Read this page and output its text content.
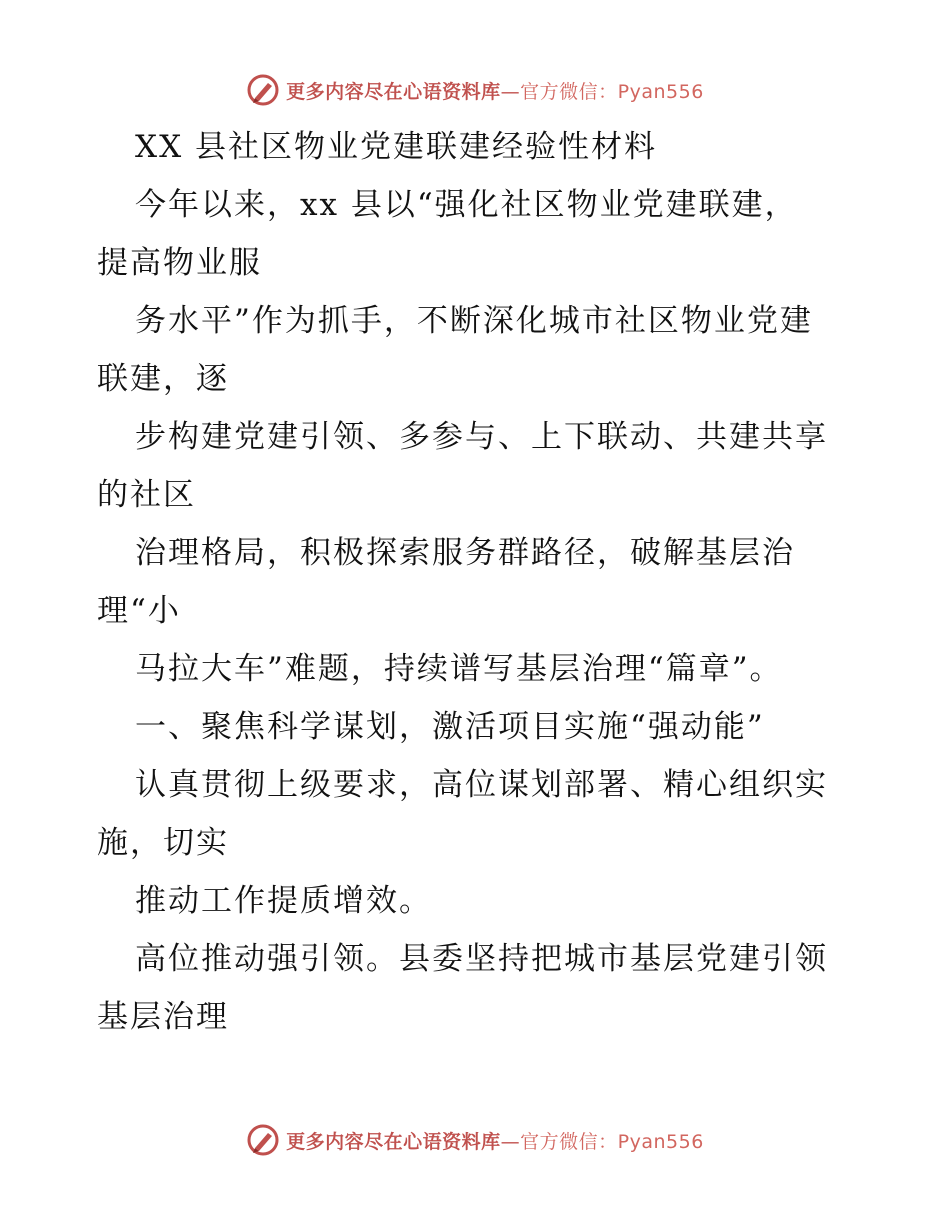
更多内容尽在心语资料库—官方微信：Pyan556
XX 县社区物业党建联建经验性材料
今年以来，xx 县以“强化社区物业党建联建，
提高物业服
务水平”作为抓手，不断深化城市社区物业党建
联建，逐
步构建党建引领、多参与、上下联动、共建共享
的社区
治理格局，积极探索服务群路径，破解基层治
理“小
马拉大车”难题，持续谱写基层治理“篇章”。
一、聚焦科学谋划，激活项目实施“强动能”
认真贯彻上级要求，高位谋划部署、精心组织实
施，切实
推动工作提质增效。
高位推动强引领。县委坚持把城市基层党建引领
基层治理
更多内容尽在心语资料库—官方微信：Pyan556
